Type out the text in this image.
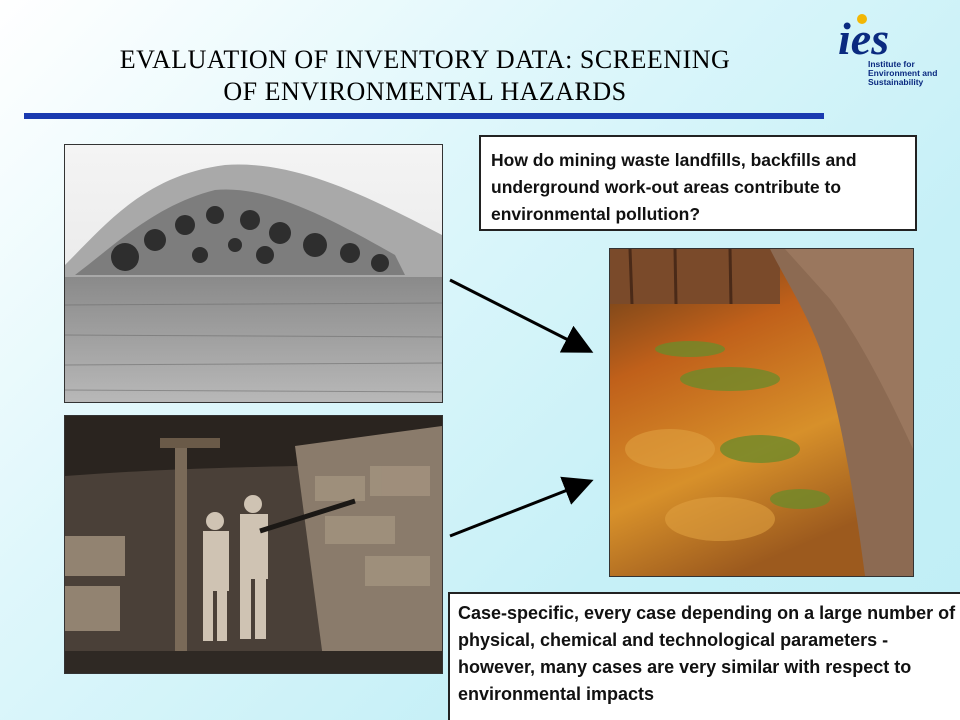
EVALUATION OF INVENTORY DATA: SCREENING
OF ENVIRONMENTAL HAZARDS
ies
Institute for
Environment and
Sustainability
How do mining waste landfills, backfills and underground work-out areas contribute to environmental pollution?
Case-specific, every case depending on a large number of physical, chemical and technological parameters - however, many cases are very similar with respect to environmental impacts
